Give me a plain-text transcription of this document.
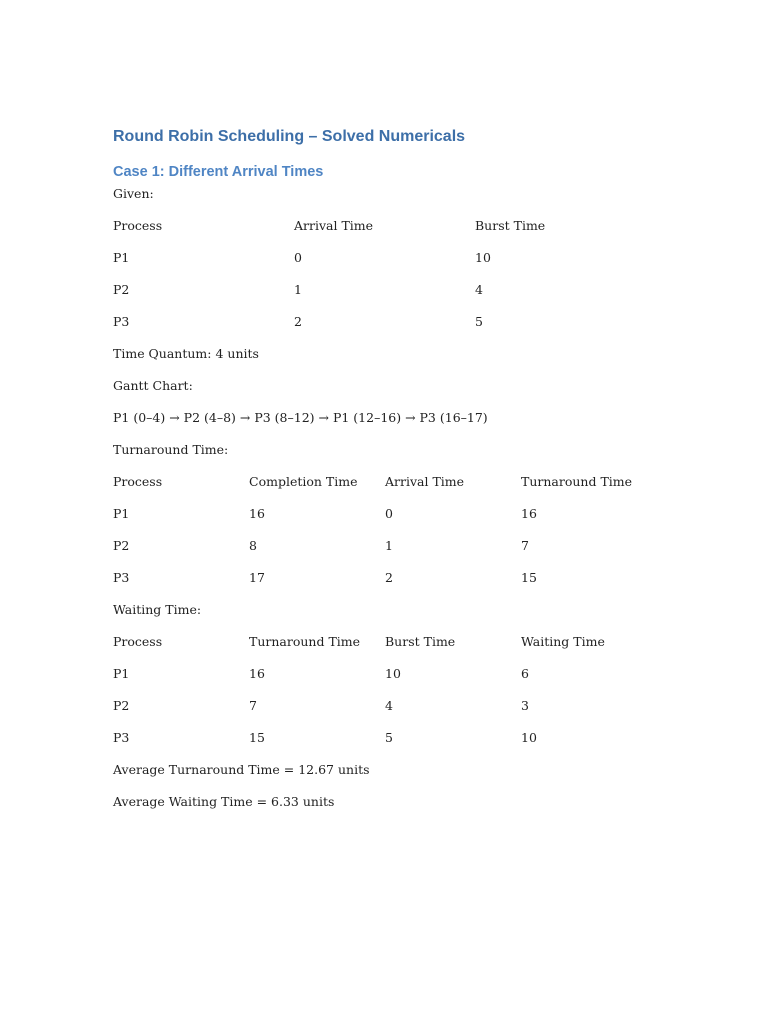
Round Robin Scheduling – Solved Numericals
Case 1: Different Arrival Times
Given:
Process	Arrival Time	Burst Time
P1	0	10
P2	1	4
P3	2	5
Time Quantum: 4 units
Gantt Chart:
P1 (0–4) → P2 (4–8) → P3 (8–12) → P1 (12–16) → P3 (16–17)
Turnaround Time:
Process	Completion Time	Arrival Time	Turnaround Time
P1	16	0	16
P2	8	1	7
P3	17	2	15
Waiting Time:
Process	Turnaround Time	Burst Time	Waiting Time
P1	16	10	6
P2	7	4	3
P3	15	5	10
Average Turnaround Time = 12.67 units
Average Waiting Time = 6.33 units
